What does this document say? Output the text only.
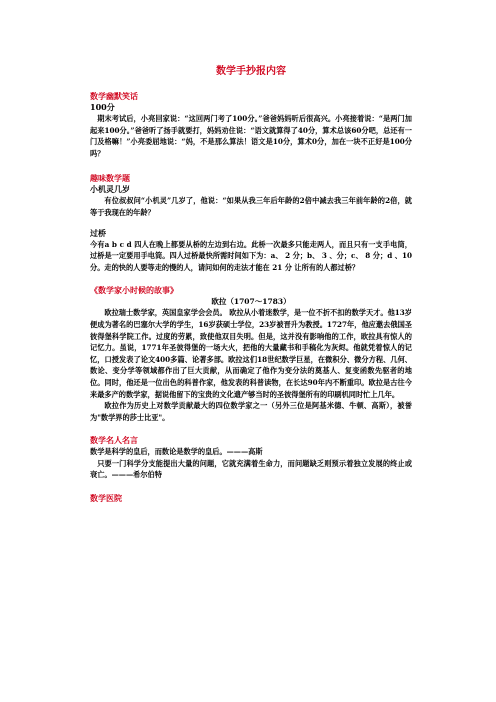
数学手抄报内容
数学幽默笑话
100分

期末考试后，小亮回家说：“这回两门考了100分。”爸爸妈妈听后很高兴。小亮接着说：“是两门加起来100分。”爸爸听了扬手就要打，妈妈劝住说：“语文就算得了40分，算术总该60分吧，总还有一门及格嘛！”小亮委屈地说：“妈，不是那么算法！语文是10分，算术0分，加在一块不正好是100分吗？

趣味数学题
小机灵几岁

有位叔叔问“小机灵”几岁了，他说：“如果从我三年后年龄的2倍中减去我三年前年龄的2倍，就等于我现在的年龄？

过桥

今有a b c d 四人在晚上都要从桥的左边到右边。此桥一次最多只能走两人，而且只有一支手电筒，过桥是一定要用手电筒。四人过桥最快所需时间如下为：a、 2 分；b、 3 、分；c、 8 分；d 、10 分。走的快的人要等走的慢的人，请问如何的走法才能在 21 分 让所有的人都过桥？

《数学家小时候的故事》
欧拉（1707～1783）

欧拉瑞士数学家，英国皇家学会会员。 欧拉从小着迷数学，是一位不折不扣的数学天才。他13岁便成为著名的巴塞尔大学的学生，16岁获硕士学位，23岁被晋升为教授。1727年，他应邀去俄国圣彼得堡科学院工作。过度的劳累，致使他双目失明。但是，这并没有影响他的工作，欧拉具有惊人的记忆力。虽说，1771年圣彼得堡的一场大火，把他的大量藏书和手稿化为灰烬。他就凭着惊人的记忆，口授发表了论文400多篇、论著多部。欧拉这们18世纪数学巨星，在微积分、微分方程、几何、数论、变分学等领域都作出了巨大贡献，从而确定了他作为变分法的奠基人、复变函数先驱者的地位。同时，他还是一位出色的科普作家，他发表的科普读物，在长达90年内不断重印。欧拉是古往今来最多产的数学家，据说他留下的宝贵的文化遗产够当时的圣彼得堡所有的印刷机同时忙上几年。

欧拉作为历史上对数学贡献最大的四位数学家之一（另外三位是阿基米德、牛顿、高斯），被誉为"数学界的莎士比亚"。

数学名人名言

数学是科学的皇后，而数论是数学的皇后。———高斯

只要一门科学分支能提出大量的问题，它就充满着生命力，而问题缺乏则预示着独立发展的终止或衰亡。———希尔伯特

数学医院
